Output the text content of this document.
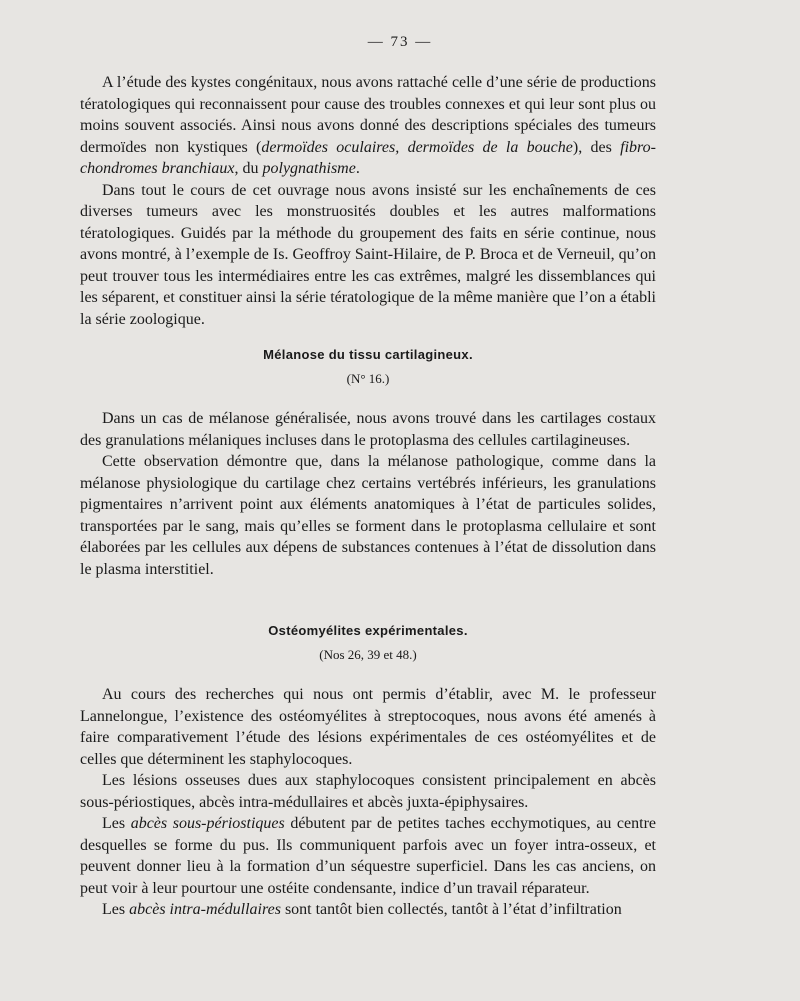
— 73 —

A l’étude des kystes congénitaux, nous avons rattaché celle d’une série de productions tératologiques qui reconnaissent pour cause des troubles connexes et qui leur sont plus ou moins souvent associés. Ainsi nous avons donné des descriptions spéciales des tumeurs dermoïdes non kystiques (dermoïdes oculaires, dermoïdes de la bouche), des fibro-chondromes branchiaux, du polygnathisme.

Dans tout le cours de cet ouvrage nous avons insisté sur les enchaînements de ces diverses tumeurs avec les monstruosités doubles et les autres malformations tératologiques. Guidés par la méthode du groupement des faits en série continue, nous avons montré, à l’exemple de Is. Geoffroy Saint-Hilaire, de P. Broca et de Verneuil, qu’on peut trouver tous les intermédiaires entre les cas extrêmes, malgré les dissemblances qui les séparent, et constituer ainsi la série tératologique de la même manière que l’on a établi la série zoologique.

Mélanose du tissu cartilagineux.
(N° 16.)

Dans un cas de mélanose généralisée, nous avons trouvé dans les cartilages costaux des granulations mélaniques incluses dans le protoplasma des cellules cartilagineuses.

Cette observation démontre que, dans la mélanose pathologique, comme dans la mélanose physiologique du cartilage chez certains vertébrés inférieurs, les granulations pigmentaires n’arrivent point aux éléments anatomiques à l’état de particules solides, transportées par le sang, mais qu’elles se forment dans le protoplasma cellulaire et sont élaborées par les cellules aux dépens de substances contenues à l’état de dissolution dans le plasma interstitiel.

Ostéomyélites expérimentales.
(Nos 26, 39 et 48.)

Au cours des recherches qui nous ont permis d’établir, avec M. le professeur Lannelongue, l’existence des ostéomyélites à streptocoques, nous avons été amenés à faire comparativement l’étude des lésions expérimentales de ces ostéomyélites et de celles que déterminent les staphylocoques.

Les lésions osseuses dues aux staphylocoques consistent principalement en abcès sous-périostiques, abcès intra-médullaires et abcès juxta-épiphysaires.

Les abcès sous-périostiques débutent par de petites taches ecchymotiques, au centre desquelles se forme du pus. Ils communiquent parfois avec un foyer intra-osseux, et peuvent donner lieu à la formation d’un séquestre superficiel. Dans les cas anciens, on peut voir à leur pourtour une ostéite condensante, indice d’un travail réparateur.

Les abcès intra-médullaires sont tantôt bien collectés, tantôt à l’état d’infiltration
